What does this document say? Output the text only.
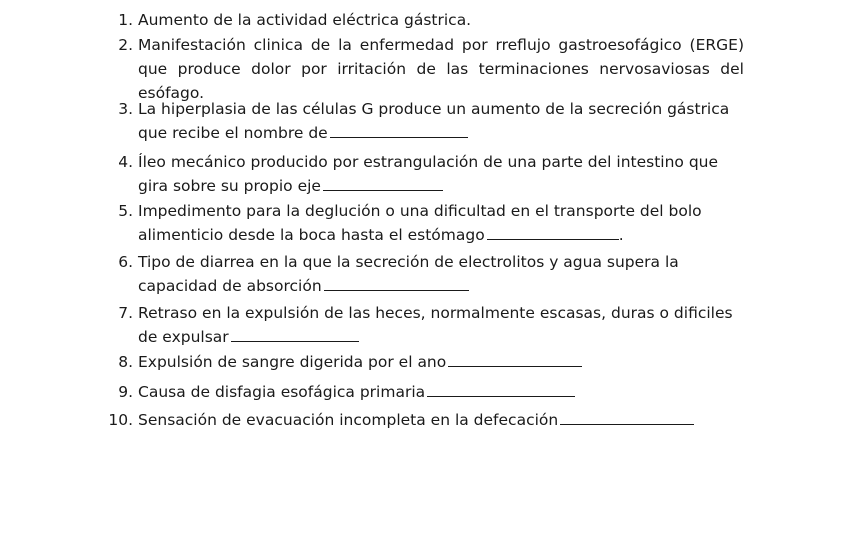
1. Aumento de la actividad eléctrica gástrica.
2. Manifestación clinica de la enfermedad por rreflujo gastroesofágico (ERGE) que produce dolor por irritación de las terminaciones nervosaviosas del esófago.
3. La hiperplasia de las células G produce un aumento de la secreción gástrica que recibe el nombre de
4. Íleo mecánico producido por estrangulación de una parte del intestino que gira sobre su propio eje
5. Impedimento para la deglución o una dificultad en el transporte del bolo alimenticio desde la boca hasta el estómago	.
6. Tipo de diarrea en la que la secreción de electrolitos y agua supera la capacidad de absorción
7. Retraso en la expulsión de las heces, normalmente escasas, duras o dificiles de expulsar
8. Expulsión de sangre digerida por el ano
9. Causa de disfagia esofágica primaria
10. Sensación de evacuación incompleta en la defecación
